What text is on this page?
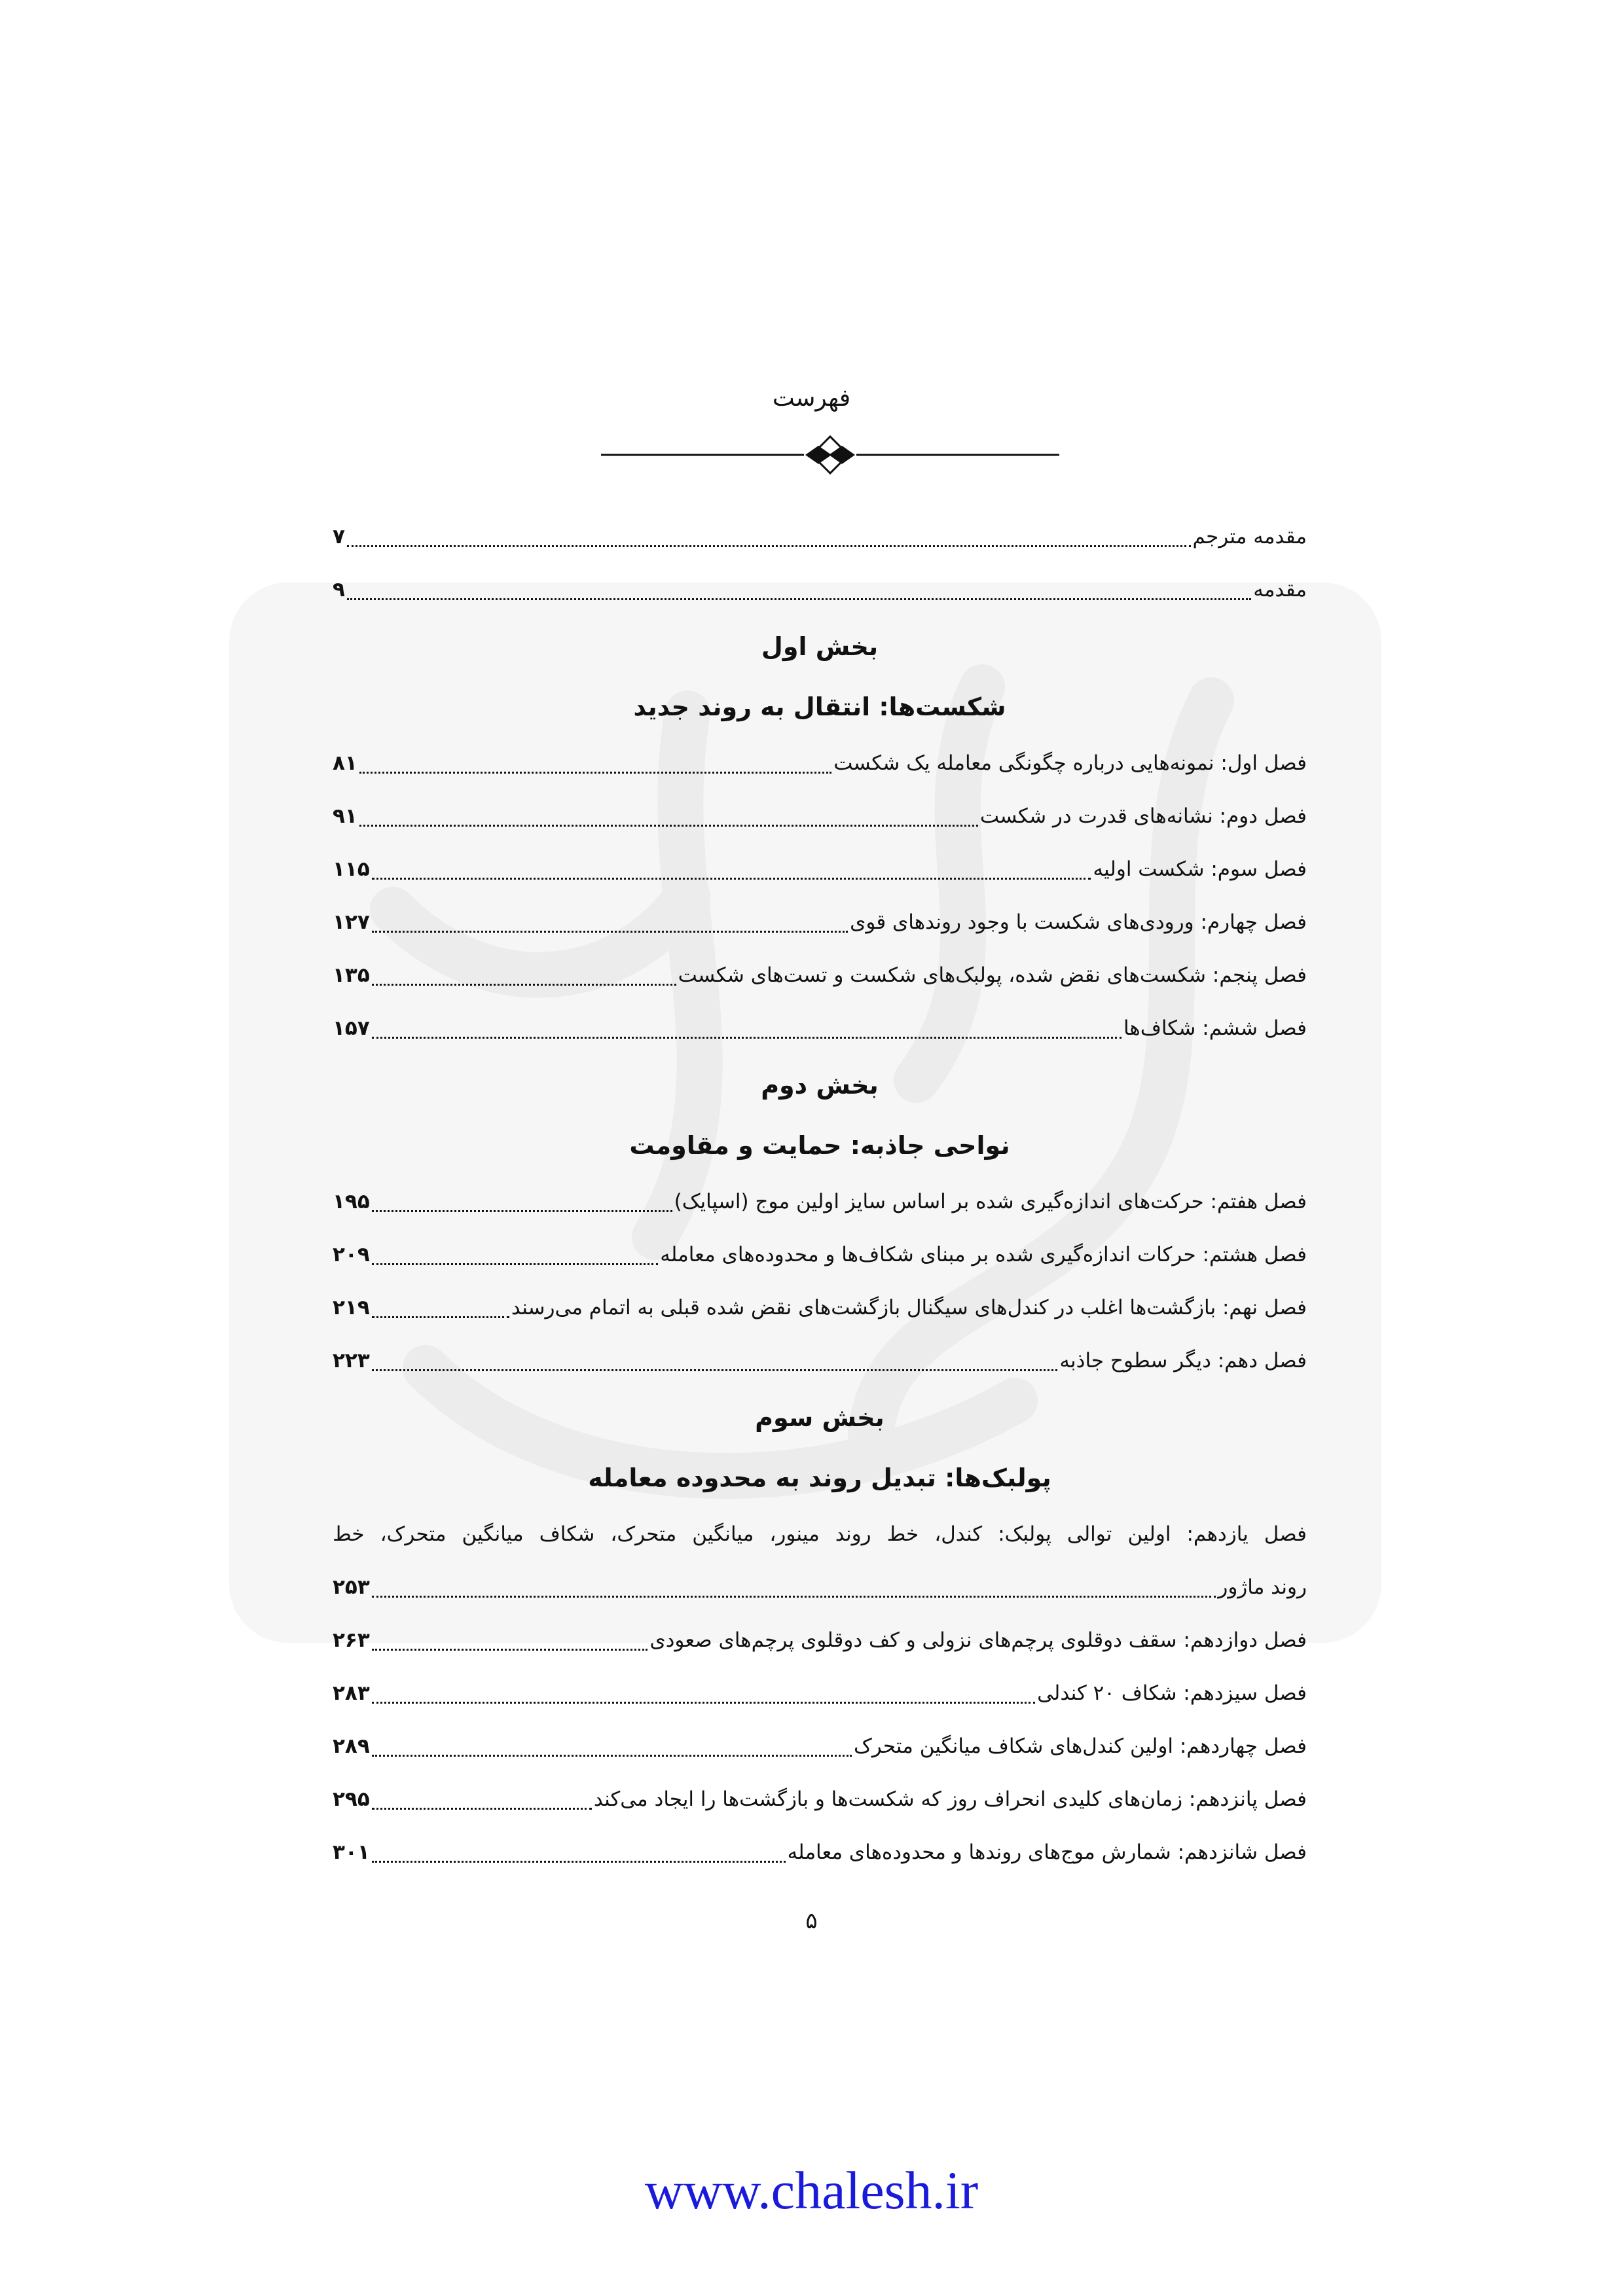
فهرست
مقدمه مترجم
۷
مقدمه
۹
بخش اول
شکست‌ها: انتقال به روند جدید
فصل اول: نمونه‌هایی درباره چگونگی معامله یک شکست
۸۱
فصل دوم: نشانه‌های قدرت در شکست
۹۱
فصل سوم: شکست اولیه
۱۱۵
فصل چهارم: ورودی‌های شکست با وجود روندهای قوی
۱۲۷
فصل پنجم: شکست‌های نقض شده، پولبک‌های شکست و تست‌های شکست
۱۳۵
فصل ششم: شکاف‌ها
۱۵۷
بخش دوم
نواحی جاذبه: حمایت و مقاومت
فصل هفتم: حرکت‌های اندازه‌گیری شده بر اساس سایز اولین موج (اسپایک)
۱۹۵
فصل هشتم: حرکات اندازه‌گیری شده بر مبنای شکاف‌ها و محدوده‌های معامله
۲۰۹
فصل نهم: بازگشت‌ها اغلب در کندل‌های سیگنال بازگشت‌های نقض شده قبلی به اتمام می‌رسند
۲۱۹
فصل دهم: دیگر سطوح جاذبه
۲۲۳
بخش سوم
پولبک‌ها: تبدیل روند به محدوده معامله
فصل یازدهم: اولین توالی پولبک: کندل، خط روند مینور، میانگین متحرک، شکاف میانگین متحرک، خط
روند ماژور
۲۵۳
فصل دوازدهم: سقف دوقلوی پرچم‌های نزولی و کف دوقلوی پرچم‌های صعودی
۲۶۳
فصل سیزدهم: شکاف ۲۰ کندلی
۲۸۳
فصل چهاردهم: اولین کندل‌های شکاف میانگین متحرک
۲۸۹
فصل پانزدهم: زمان‌های کلیدی انحراف روز که شکست‌ها و بازگشت‌ها را ایجاد می‌کند
۲۹۵
فصل شانزدهم: شمارش موج‌های روندها و محدوده‌های معامله
۳۰۱
۵
www.chalesh.ir
